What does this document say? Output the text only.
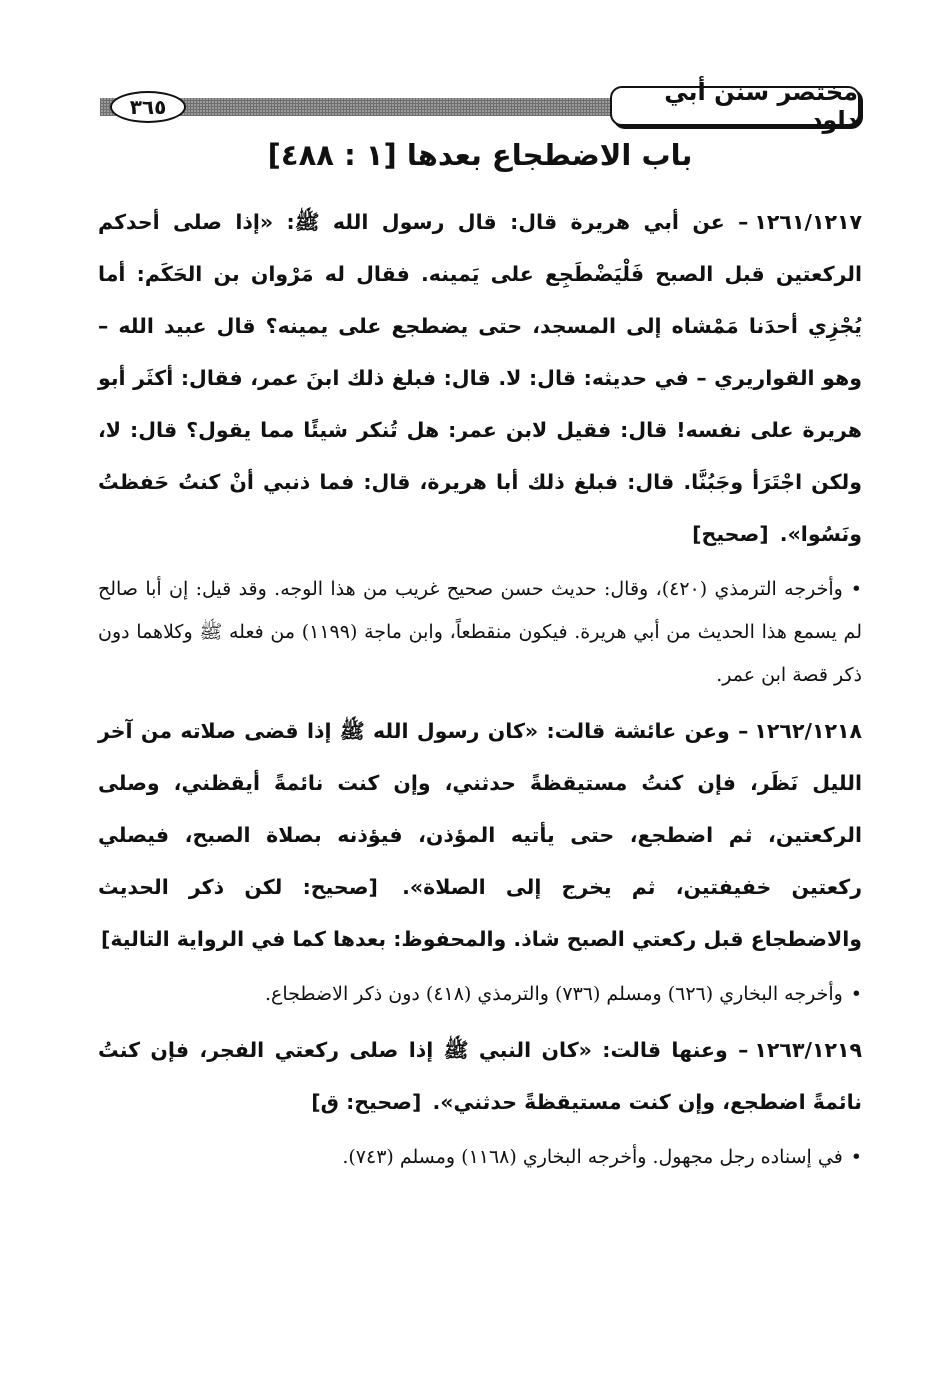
مختصر سنن أبي داود
٣٦٥
باب الاضطجاع بعدها [١ : ٤٨٨]

١٢٦١/١٢١٧– عن أبي هريرة قال: قال رسول الله ﷺ: «إذا صلى أحدكم الركعتين قبل الصبح فَلْيَضْطَجِع على يَمينه. فقال له مَرْوان بن الحَكَم: أما يُجْزِي أحدَنا مَمْشاه إلى المسجد، حتى يضطجع على يمينه؟ قال عبيد الله – وهو القواريري – في حديثه: قال: لا. قال: فبلغ ذلك ابنَ عمر، فقال: أكثَر أبو هريرة على نفسه! قال: فقيل لابن عمر: هل تُنكر شيئًا مما يقول؟ قال: لا، ولكن اجْتَرَأ وجَبُنَّا. قال: فبلغ ذلك أبا هريرة، قال: فما ذنبي أنْ كنتُ حَفظتُ ونَسُوا». [صحيح]

•وأخرجه الترمذي (٤٢٠)، وقال: حديث حسن صحيح غريب من هذا الوجه. وقد قيل: إن أبا صالح لم يسمع هذا الحديث من أبي هريرة. فيكون منقطعاً، وابن ماجة (١١٩٩) من فعله ﷺ وكلاهما دون ذكر قصة ابن عمر.

١٢٦٢/١٢١٨– وعن عائشة قالت: «كان رسول الله ﷺ إذا قضى صلاته من آخر الليل نَظَر، فإن كنتُ مستيقظةً حدثني، وإن كنت نائمةً أيقظني، وصلى الركعتين، ثم اضطجع، حتى يأتيه المؤذن، فيؤذنه بصلاة الصبح، فيصلي ركعتين خفيفتين، ثم يخرج إلى الصلاة». [صحيح: لكن ذكر الحديث والاضطجاع قبل ركعتي الصبح شاذ. والمحفوظ: بعدها كما في الرواية التالية]

•وأخرجه البخاري (٦٢٦) ومسلم (٧٣٦) والترمذي (٤١٨) دون ذكر الاضطجاع.

١٢٦٣/١٢١٩– وعنها قالت: «كان النبي ﷺ إذا صلى ركعتي الفجر، فإن كنتُ نائمةً اضطجع، وإن كنت مستيقظةً حدثني». [صحيح: ق]

•في إسناده رجل مجهول. وأخرجه البخاري (١١٦٨) ومسلم (٧٤٣).
